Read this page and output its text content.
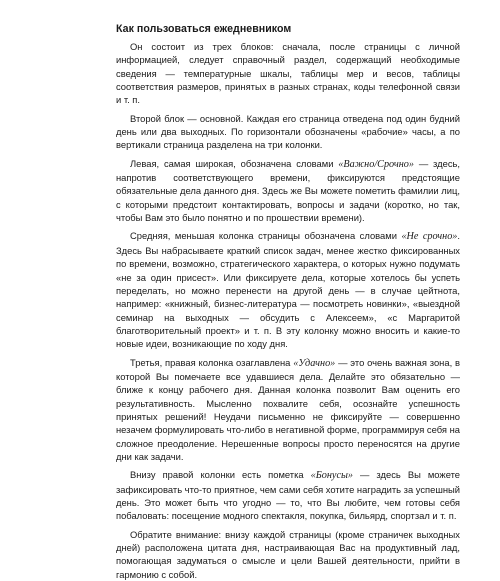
Как пользоваться ежедневником

Он состоит из трех блоков: сначала, после страницы с личной информацией, следует справочный раздел, содержащий необходимые сведения — температурные шкалы, таблицы мер и весов, таблицы соответствия размеров, принятых в разных странах, коды телефонной связи и т. п.

Второй блок — основной. Каждая его страница отведена под один будний день или два выходных. По горизонтали обозначены «рабочие» часы, а по вертикали страница разделена на три колонки.

Левая, самая широкая, обозначена словами «Важно/Срочно» — здесь, напротив соответствующего времени, фиксируются предстоящие обязательные дела данного дня. Здесь же Вы можете пометить фамилии лиц, с которыми предстоит контактировать, вопросы и задачи (коротко, но так, чтобы Вам это было понятно и по прошествии времени).

Средняя, меньшая колонка страницы обозначена словами «Не срочно». Здесь Вы набрасываете краткий список задач, менее жестко фиксированных по времени, возможно, стратегического характера, о которых нужно подумать «не за один присест». Или фиксируете дела, которые хотелось бы успеть переделать, но можно перенести на другой день — в случае цейтнота, например: «книжный, бизнес-литература — посмотреть новинки», «выездной семинар на выходных — обсудить с Алексеем», «с Маргаритой благотворительный проект» и т. п. В эту колонку можно вносить и какие-то новые идеи, возникающие по ходу дня.

Третья, правая колонка озаглавлена «Удачно» — это очень важная зона, в которой Вы помечаете все удавшиеся дела. Делайте это обязательно — ближе к концу рабочего дня. Данная колонка позволит Вам оценить его результативность. Мысленно похвалите себя, осознайте успешность принятых решений! Неудачи письменно не фиксируйте — совершенно незачем формулировать что-либо в негативной форме, программируя себя на сложное преодоление. Нерешенные вопросы просто переносятся на другие дни как задачи.

Внизу правой колонки есть пометка «Бонусы» — здесь Вы можете зафиксировать что-то приятное, чем сами себя хотите наградить за успешный день. Это может быть что угодно — то, что Вы любите, чем готовы себя побаловать: посещение модного спектакля, покупка, бильярд, спортзал и т. п.

Обратите внимание: внизу каждой страницы (кроме страничек выходных дней) расположена цитата дня, настраивающая Вас на продуктивный лад, помогающая задуматься о смысле и цели Вашей деятельности, прийти в гармонию с собой.
